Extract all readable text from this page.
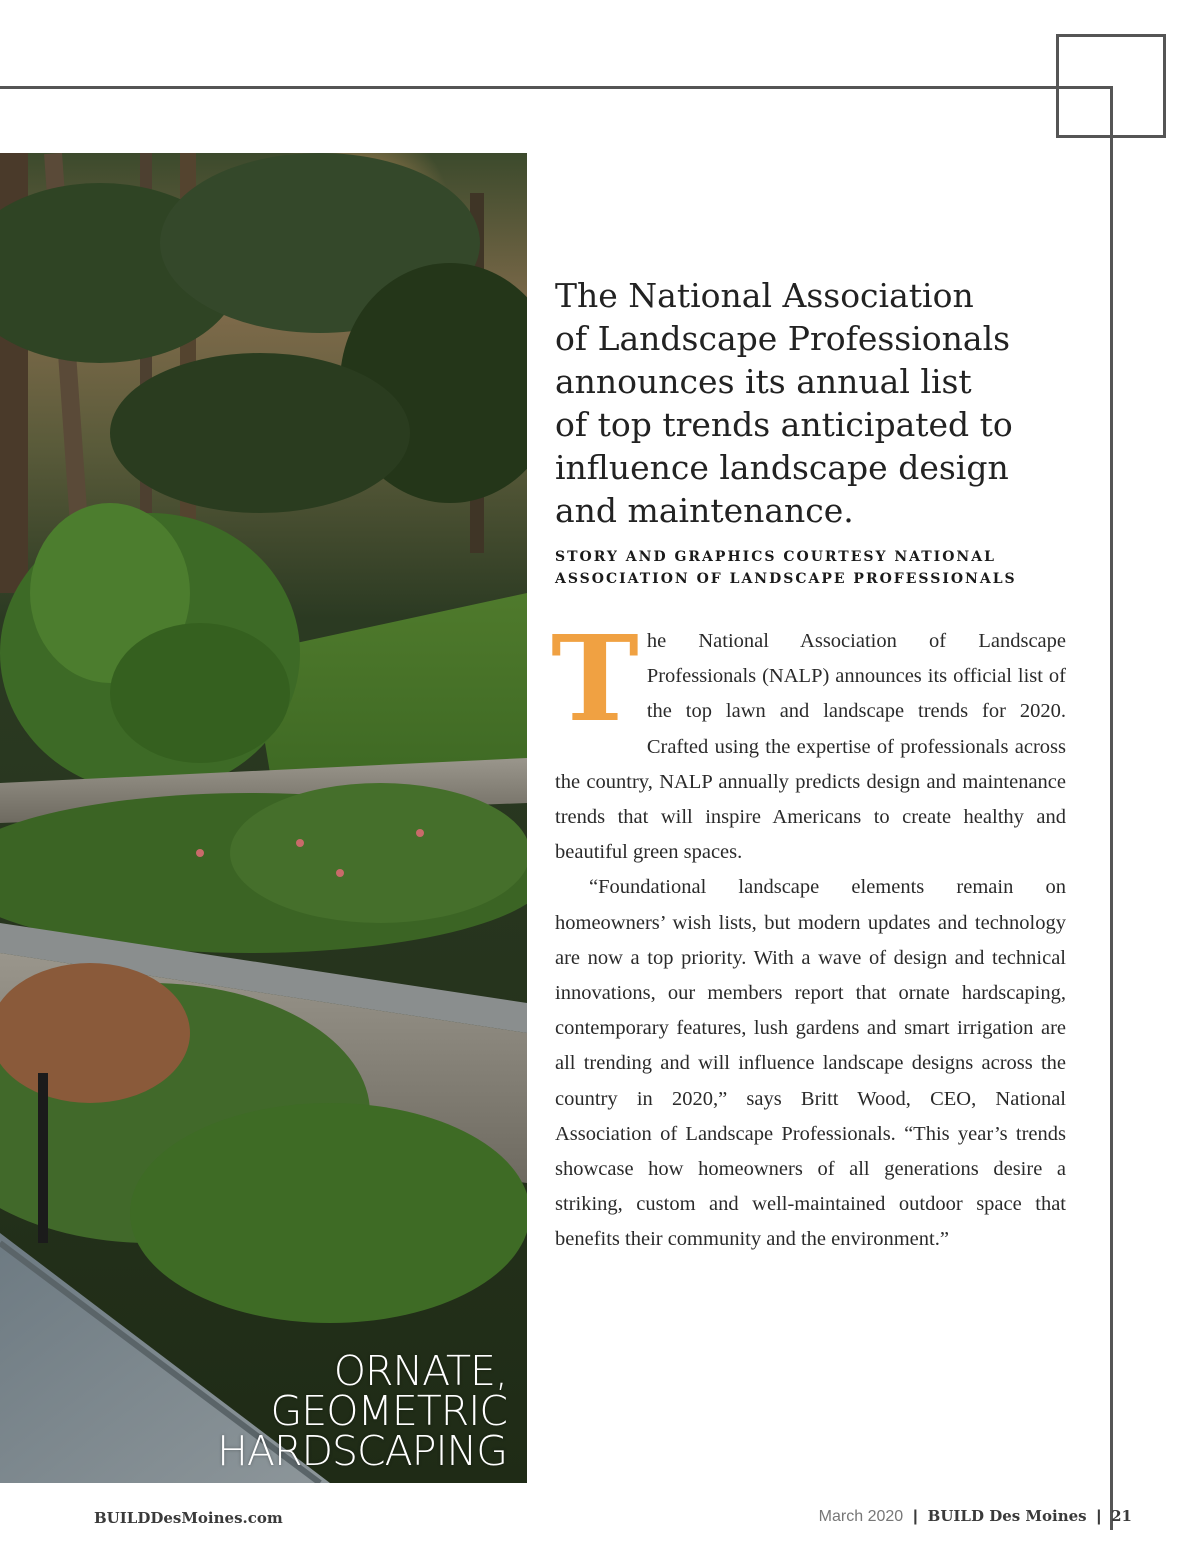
ORNATE,
GEOMETRIC
HARDSCAPING
The National Association
of Landscape Professionals
announces its annual list
of top trends anticipated to
influence landscape design
and maintenance.
STORY AND GRAPHICS COURTESY NATIONAL
ASSOCIATION OF LANDSCAPE PROFESSIONALS
T he National Association of Landscape Professionals (NALP) announces its official list of the top lawn and landscape trends for 2020. Crafted using the expertise of professionals across the country, NALP annually predicts design and maintenance trends that will inspire Americans to create healthy and beautiful green spaces.

“Foundational landscape elements remain on homeowners’ wish lists, but modern updates and technology are now a top priority. With a wave of design and technical innovations, our members report that ornate hardscaping, contemporary features, lush gardens and smart irrigation are all trending and will influence landscape designs across the country in 2020,” says Britt Wood, CEO, National Association of Landscape Professionals. “This year’s trends showcase how homeowners of all generations desire a striking, custom and well-maintained outdoor space that benefits their community and the environment.”

BUILDDesMoines.com	March 2020 | BUILD Des Moines | 21
